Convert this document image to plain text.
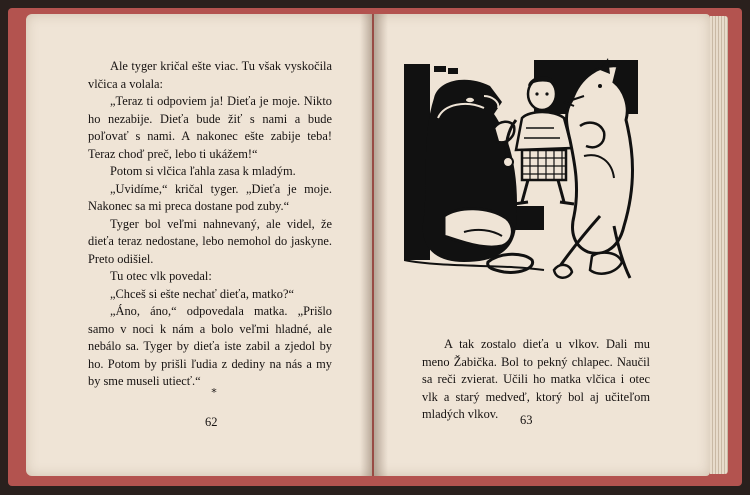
Ale tyger kričal ešte viac. Tu však vyskočila vlčica a volala:

„Teraz ti odpoviem ja! Dieťa je moje. Nikto ho nezabije. Dieťa bude žiť s nami a bude poľovať s nami. A nakonec ešte zabije teba! Teraz choď preč, lebo ti ukážem!“

Potom si vlčica ľahla zasa k mladým.

„Uvidíme,“ kričal tyger. „Dieťa je moje. Nakonec sa mi preca dostane pod zuby.“

Tyger bol veľmi nahnevaný, ale videl, že dieťa teraz nedostane, lebo nemohol do jaskyne. Preto odišiel.

Tu otec vlk povedal:

„Chceš si ešte nechať dieťa, matko?“

„Áno, áno,“ odpovedala matka. „Prišlo samo v noci k nám a bolo veľmi hladné, ale nebálo sa. Tyger by dieťa iste zabil a zjedol by ho. Potom by prišli ľudia z dediny na nás a my by sme museli utiecť.“

*
62

A tak zostalo dieťa u vlkov. Dali mu meno Žabička. Bol to pekný chlapec. Naučil sa reči zvierat. Učili ho matka vlčica i otec vlk a starý medveď, ktorý bol aj učiteľom mladých vlkov.	63
